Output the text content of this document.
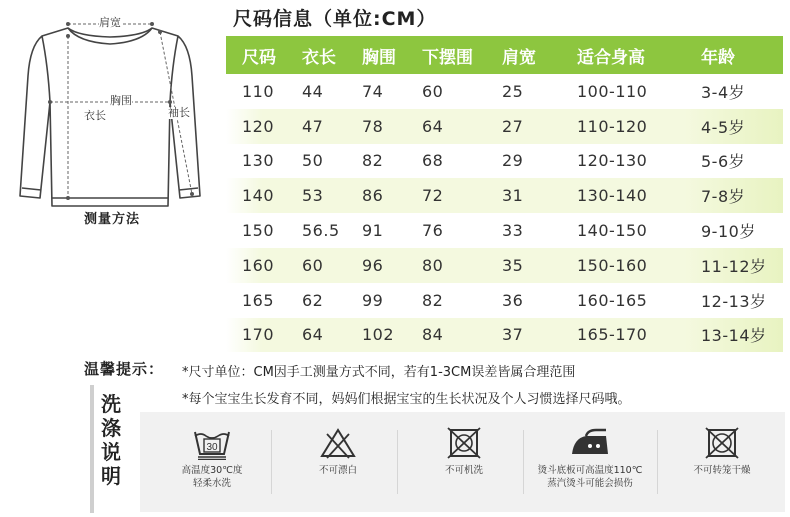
肩宽
胸围
衣长	袖长
测量方法
尺码信息（单位:CM）
尺码	衣长	胸围	下摆围	肩宽	适合身高	年龄
110	44	74	60	25	100-110	3-4岁
120	47	78	64	27	110-120	4-5岁
130	50	82	68	29	120-130	5-6岁
140	53	86	72	31	130-140	7-8岁
150	56.5	91	76	33	140-150	9-10岁
160	60	96	80	35	150-160	11-12岁
165	62	99	82	36	160-165	12-13岁
170	64	102	84	37	165-170	13-14岁
温馨提示： *尺寸单位：CM因手工测量方式不同，若有1-3CM误差皆属合理范围
*每个宝宝生长发育不同，妈妈们根据宝宝的生长状况及个人习惯选择尺码哦。
洗
涤
说
明
30
高温度30℃度
轻柔水洗
不可漂白	不可机洗	烫斗底板可高温度110℃
蒸汽烫斗可能会损伤
不可转笼干燥
